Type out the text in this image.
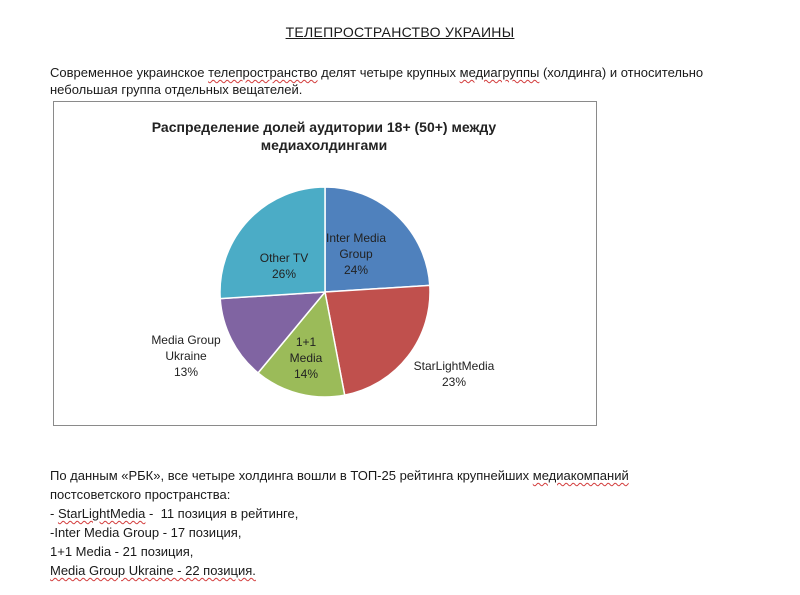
ТЕЛЕПРОСТРАНСТВО УКРАИНЫ
Современное украинское телепространство делят четыре крупных медиагруппы (холдинга) и относительно небольшая группа отдельных вещателей.
Распределение долей аудитории 18+ (50+) между медиахолдингами
Inter Media
Group
24%
StarLightMedia
23%
1+1
Media
14%
Media Group
Ukraine
13%
Other TV
26%
По данным «РБК», все четыре холдинга вошли в ТОП-25 рейтинга крупнейших медиакомпаний
постсоветского пространства:
- StarLightMedia -  11 позиция в рейтинге,
-Inter Media Group - 17 позиция,
1+1 Media - 21 позиция,
Media Group Ukraine - 22 позиция.
